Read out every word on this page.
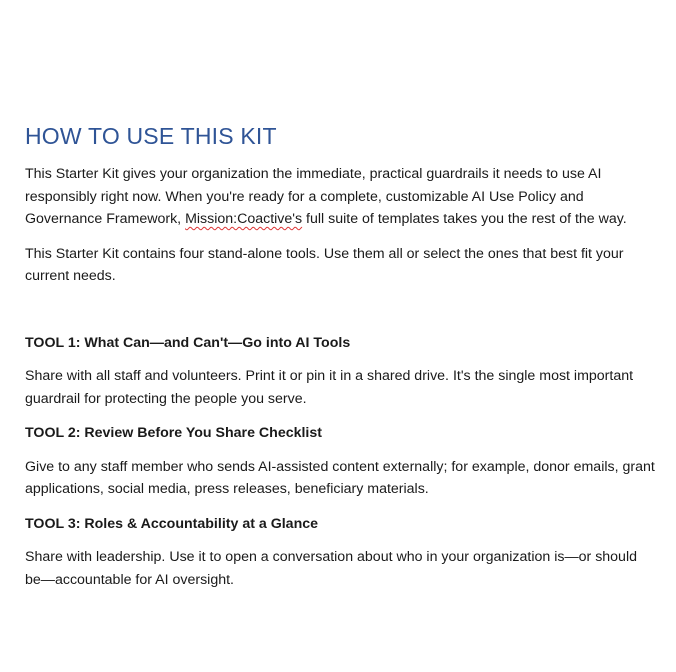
HOW TO USE THIS KIT

This Starter Kit gives your organization the immediate, practical guardrails it needs to use AI responsibly right now. When you're ready for a complete, customizable AI Use Policy and Governance Framework, Mission:Coactive's full suite of templates takes you the rest of the way.

This Starter Kit contains four stand-alone tools. Use them all or select the ones that best fit your current needs.

TOOL 1: What Can—and Can't—Go into AI Tools

Share with all staff and volunteers. Print it or pin it in a shared drive. It's the single most important guardrail for protecting the people you serve.

TOOL 2: Review Before You Share Checklist

Give to any staff member who sends AI-assisted content externally; for example, donor emails, grant applications, social media, press releases, beneficiary materials.

TOOL 3: Roles & Accountability at a Glance

Share with leadership. Use it to open a conversation about who in your organization is—or should be—accountable for AI oversight.
